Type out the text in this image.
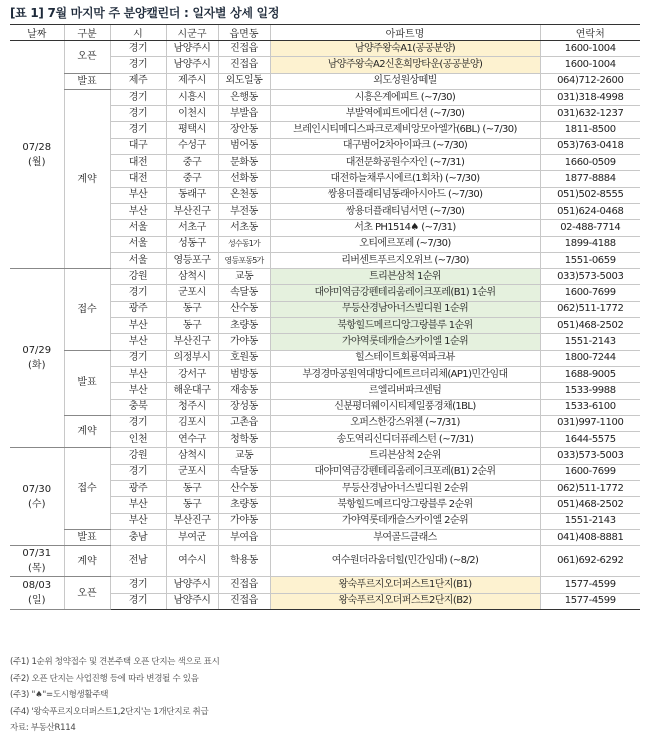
[표 1] 7월 마지막 주 분양캘린더 : 일자별 상세 일정
날짜	구분	시	시군구	읍면동	아파트명	연락처
07/28
(월)	오픈	경기	남양주시	진접읍	남양주왕숙A1(공공분양)	1600-1004
		경기	남양주시	진접읍	남양주왕숙A2신혼희망타운(공공분양)	1600-1004
	발표	제주	제주시	외도일동	외도성원상떼빌	064)712-2600
	계약	경기	시흥시	은행동	시흥은계에피트 (~7/30)	031)318-4998
		경기	이천시	부발읍	부발역에피트에디션 (~7/30)	031)632-1237
		경기	평택시	장안동	브레인시티메디스파크로제비앙모아엘가(6BL) (~7/30)	1811-8500
		대구	수성구	범어동	대구범어2차아이파크 (~7/30)	053)763-0418
		대전	중구	문화동	대전문화공원수자인 (~7/31)	1660-0509
		대전	중구	선화동	대전하늘채루시에르(1회차) (~7/30)	1877-8884
		부산	동래구	온천동	쌍용더플래티넘동래아시아드 (~7/30)	051)502-8555
		부산	부산진구	부전동	쌍용더플래티넘서면 (~7/30)	051)624-0468
		서울	서초구	서초동	서초 PH1514♠ (~7/31)	02-488-7714
		서울	성동구	성수동1가	오티에르포레 (~7/30)	1899-4188
		서울	영등포구	영등포동5가	리버센트푸르지오위브 (~7/30)	1551-0659
07/29
(화)	접수	강원	삼척시	교동	트리븐삼척 1순위	033)573-5003
		경기	군포시	속달동	대야미역금강펜테리움레이크포레(B1) 1순위	1600-7699
		광주	동구	산수동	무등산경남아너스빌디원 1순위	062)511-1772
		부산	동구	초량동	북항힐드메르디앙그랑블루 1순위	051)468-2502
		부산	부산진구	가야동	가야역롯데캐슬스카이엘 1순위	1551-2143
	발표	경기	의정부시	호원동	힐스테이트회룡역파크뷰	1800-7244
		부산	강서구	범방동	부경경마공원역대방디에트르더리체(AP1)민간임대	1688-9005
		부산	해운대구	재송동	르엘리버파크센텀	1533-9988
		충북	청주시	장성동	신분평더웨이시티제일풍경채(1BL)	1533-6100
	계약	경기	김포시	고촌읍	오퍼스한강스위첸 (~7/31)	031)997-1100
		인천	연수구	청학동	송도역리신디더퓨레스턴 (~7/31)	1644-5575
07/30
(수)	접수	강원	삼척시	교동	트리븐삼척 2순위	033)573-5003
		경기	군포시	속달동	대야미역금강펜테리움레이크포레(B1) 2순위	1600-7699
		광주	동구	산수동	무등산경남아너스빌디원 2순위	062)511-1772
		부산	동구	초량동	북항힐드메르디앙그랑블루 2순위	051)468-2502
		부산	부산진구	가야동	가야역롯데캐슬스카이엘 2순위	1551-2143
	발표	충남	부여군	부여읍	부여골드클래스	041)408-8881
07/31
(목)	계약	전남	여수시	학용동	여수원더라움더힐(민간임대) (~8/2)	061)692-6292
08/03
(일)	오픈	경기	남양주시	진접읍	왕숙푸르지오더퍼스트1단지(B1)	1577-4599
		경기	남양주시	진접읍	왕숙푸르지오더퍼스트2단지(B2)	1577-4599
(주1) 1순위 청약접수 및 견본주택 오픈 단지는 색으로 표시
(주2) 오픈 단지는 사업진행 등에 따라 변경될 수 있음
(주3) "♠"=도시형생활주택
(주4) '왕숙푸르지오더퍼스트1,2단지'는 1개단지로 취급
자료: 부동산R114
